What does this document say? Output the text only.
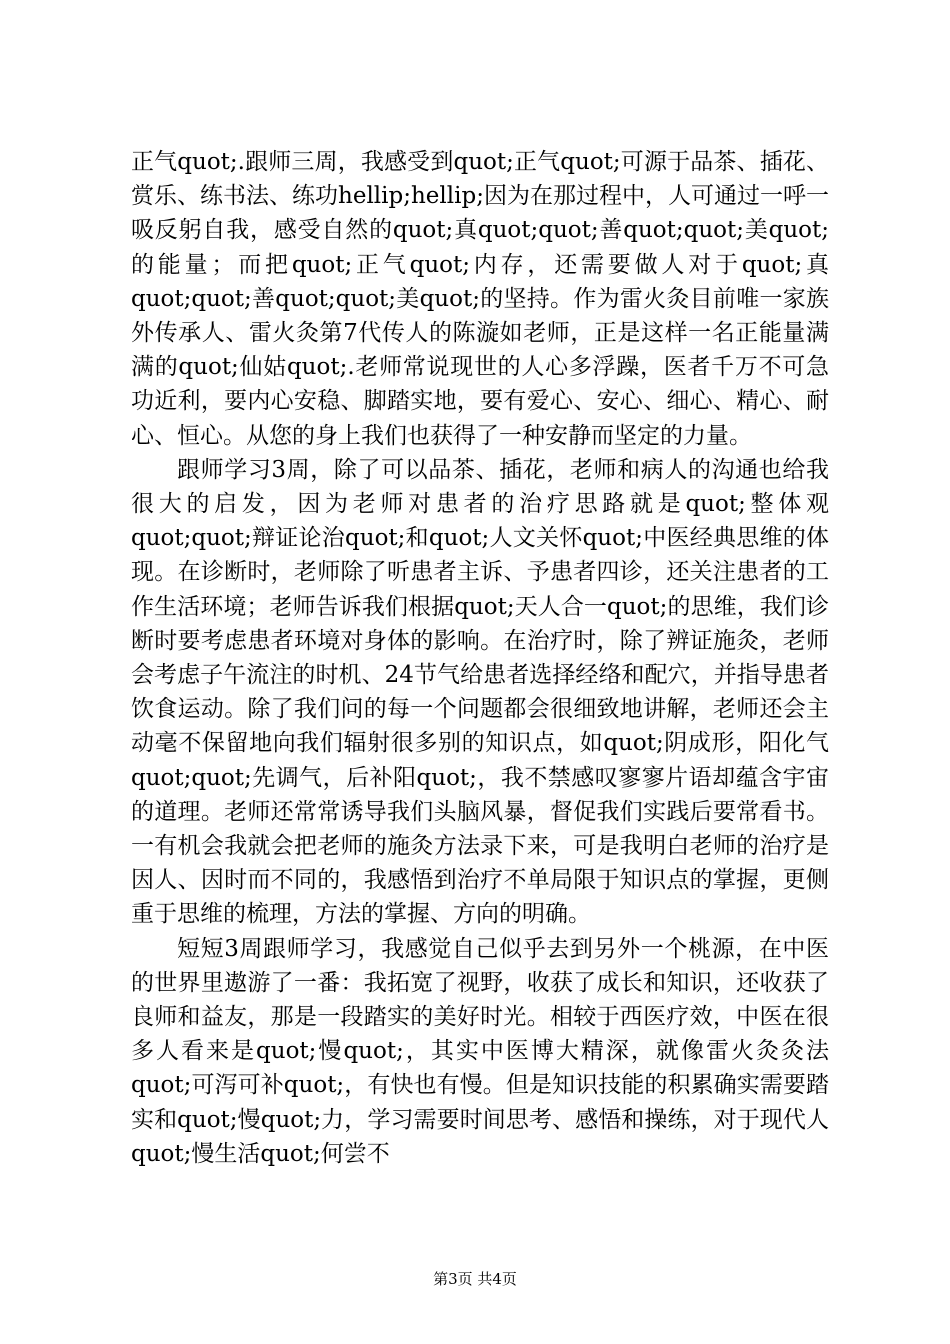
正气quot;.跟师三周，我感受到quot;正气quot;可源于品茶、插花、赏乐、练书法、练功hellip;hellip;因为在那过程中，人可通过一呼一吸反躬自我，感受自然的quot;真quot;quot;善quot;quot;美quot;的能量；而把quot;正气quot;内存，还需要做人对于quot;真quot;quot;善quot;quot;美quot;的坚持。作为雷火灸目前唯一家族外传承人、雷火灸第7代传人的陈漩如老师，正是这样一名正能量满满的quot;仙姑quot;.老师常说现世的人心多浮躁，医者千万不可急功近利，要内心安稳、脚踏实地，要有爱心、安心、细心、精心、耐心、恒心。从您的身上我们也获得了一种安静而坚定的力量。

跟师学习3周，除了可以品茶、插花，老师和病人的沟通也给我很大的启发，因为老师对患者的治疗思路就是quot;整体观quot;quot;辩证论治quot;和quot;人文关怀quot;中医经典思维的体现。在诊断时，老师除了听患者主诉、予患者四诊，还关注患者的工作生活环境；老师告诉我们根据quot;天人合一quot;的思维，我们诊断时要考虑患者环境对身体的影响。在治疗时，除了辨证施灸，老师会考虑子午流注的时机、24节气给患者选择经络和配穴，并指导患者饮食运动。除了我们问的每一个问题都会很细致地讲解，老师还会主动毫不保留地向我们辐射很多别的知识点，如quot;阴成形，阳化气quot;quot;先调气，后补阳quot;，我不禁感叹寥寥片语却蕴含宇宙的道理。老师还常常诱导我们头脑风暴，督促我们实践后要常看书。一有机会我就会把老师的施灸方法录下来，可是我明白老师的治疗是因人、因时而不同的，我感悟到治疗不单局限于知识点的掌握，更侧重于思维的梳理，方法的掌握、方向的明确。

短短3周跟师学习，我感觉自己似乎去到另外一个桃源，在中医的世界里遨游了一番：我拓宽了视野，收获了成长和知识，还收获了良师和益友，那是一段踏实的美好时光。相较于西医疗效，中医在很多人看来是quot;慢quot;，其实中医博大精深，就像雷火灸灸法quot;可泻可补quot;，有快也有慢。但是知识技能的积累确实需要踏实和quot;慢quot;力，学习需要时间思考、感悟和操练，对于现代人quot;慢生活quot;何尝不

第3页 共4页
